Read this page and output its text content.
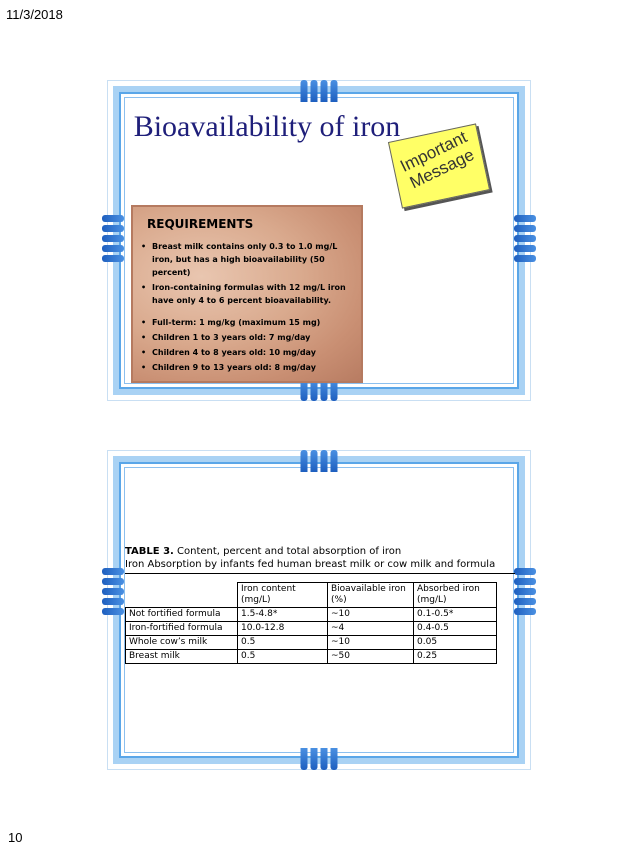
11/3/2018
Bioavailability of iron
Important Message
REQUIREMENTS
• Breast milk contains only 0.3 to 1.0 mg/L iron, but has a high bioavailability (50 percent)
• Iron-containing formulas with 12 mg/L iron have only 4 to 6 percent bioavailability.
• Full-term: 1 mg/kg (maximum 15 mg)
• Children 1 to 3 years old: 7 mg/day
• Children 4 to 8 years old: 10 mg/day
• Children 9 to 13 years old: 8 mg/day
TABLE 3. Content, percent and total absorption of iron
Iron Absorption by infants fed human breast milk or cow milk and formula
	Iron content (mg/L)	Bioavailable iron (%)	Absorbed iron (mg/L)
Not fortified formula	1.5-4.8*	~10	0.1-0.5*
Iron-fortified formula	10.0-12.8	~4	0.4-0.5
Whole cow’s milk	0.5	~10	0.05
Breast milk	0.5	~50	0.25
10
